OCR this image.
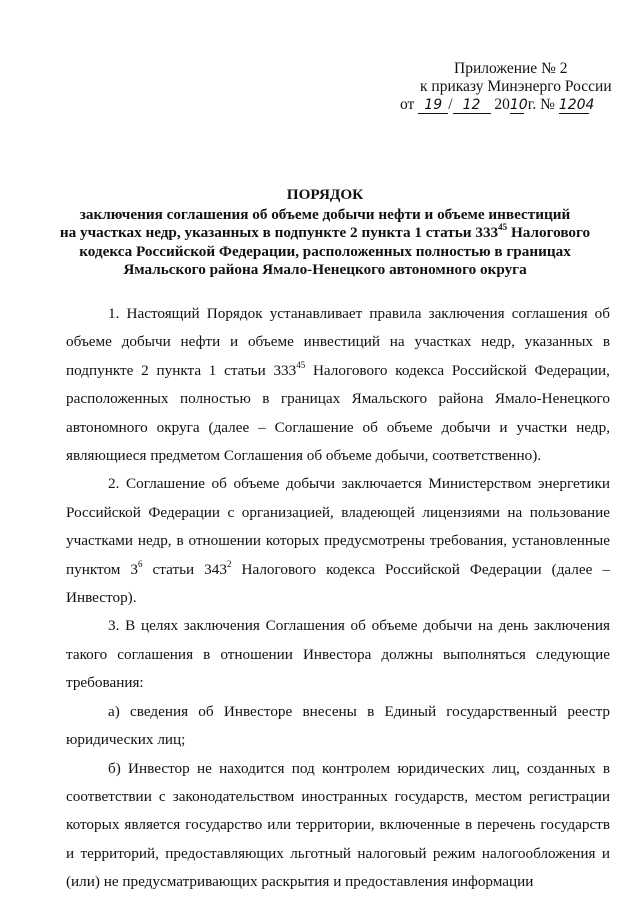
Приложение № 2
к приказу Минэнерго России
от 19 / 12 2010 г. № 1204
ПОРЯДОК
заключения соглашения об объеме добычи нефти и объеме инвестиций
на участках недр, указанных в подпункте 2 пункта 1 статьи $333^{45}$ Налогового
кодекса Российской Федерации, расположенных полностью в границах
Ямальского района Ямало-Ненецкого автономного округа

1. Настоящий Порядок устанавливает правила заключения соглашения об объеме добычи нефти и объеме инвестиций на участках недр, указанных в подпункте 2 пункта 1 статьи $333^{45}$ Налогового кодекса Российской Федерации, расположенных полностью в границах Ямальского района Ямало-Ненецкого автономного округа (далее – Соглашение об объеме добычи и участки недр, являющиеся предметом Соглашения об объеме добычи, соответственно).

2. Соглашение об объеме добычи заключается Министерством энергетики Российской Федерации с организацией, владеющей лицензиями на пользование участками недр, в отношении которых предусмотрены требования, установленные пунктом $3^6$ статьи $343^2$ Налогового кодекса Российской Федерации (далее – Инвестор).

3. В целях заключения Соглашения об объеме добычи на день заключения такого соглашения в отношении Инвестора должны выполняться следующие требования:

а) сведения об Инвесторе внесены в Единый государственный реестр юридических лиц;

б) Инвестор не находится под контролем юридических лиц, созданных в соответствии с законодательством иностранных государств, местом регистрации которых является государство или территории, включенные в перечень государств и территорий, предоставляющих льготный налоговый режим налогообложения и (или) не предусматривающих раскрытия и предоставления информации
